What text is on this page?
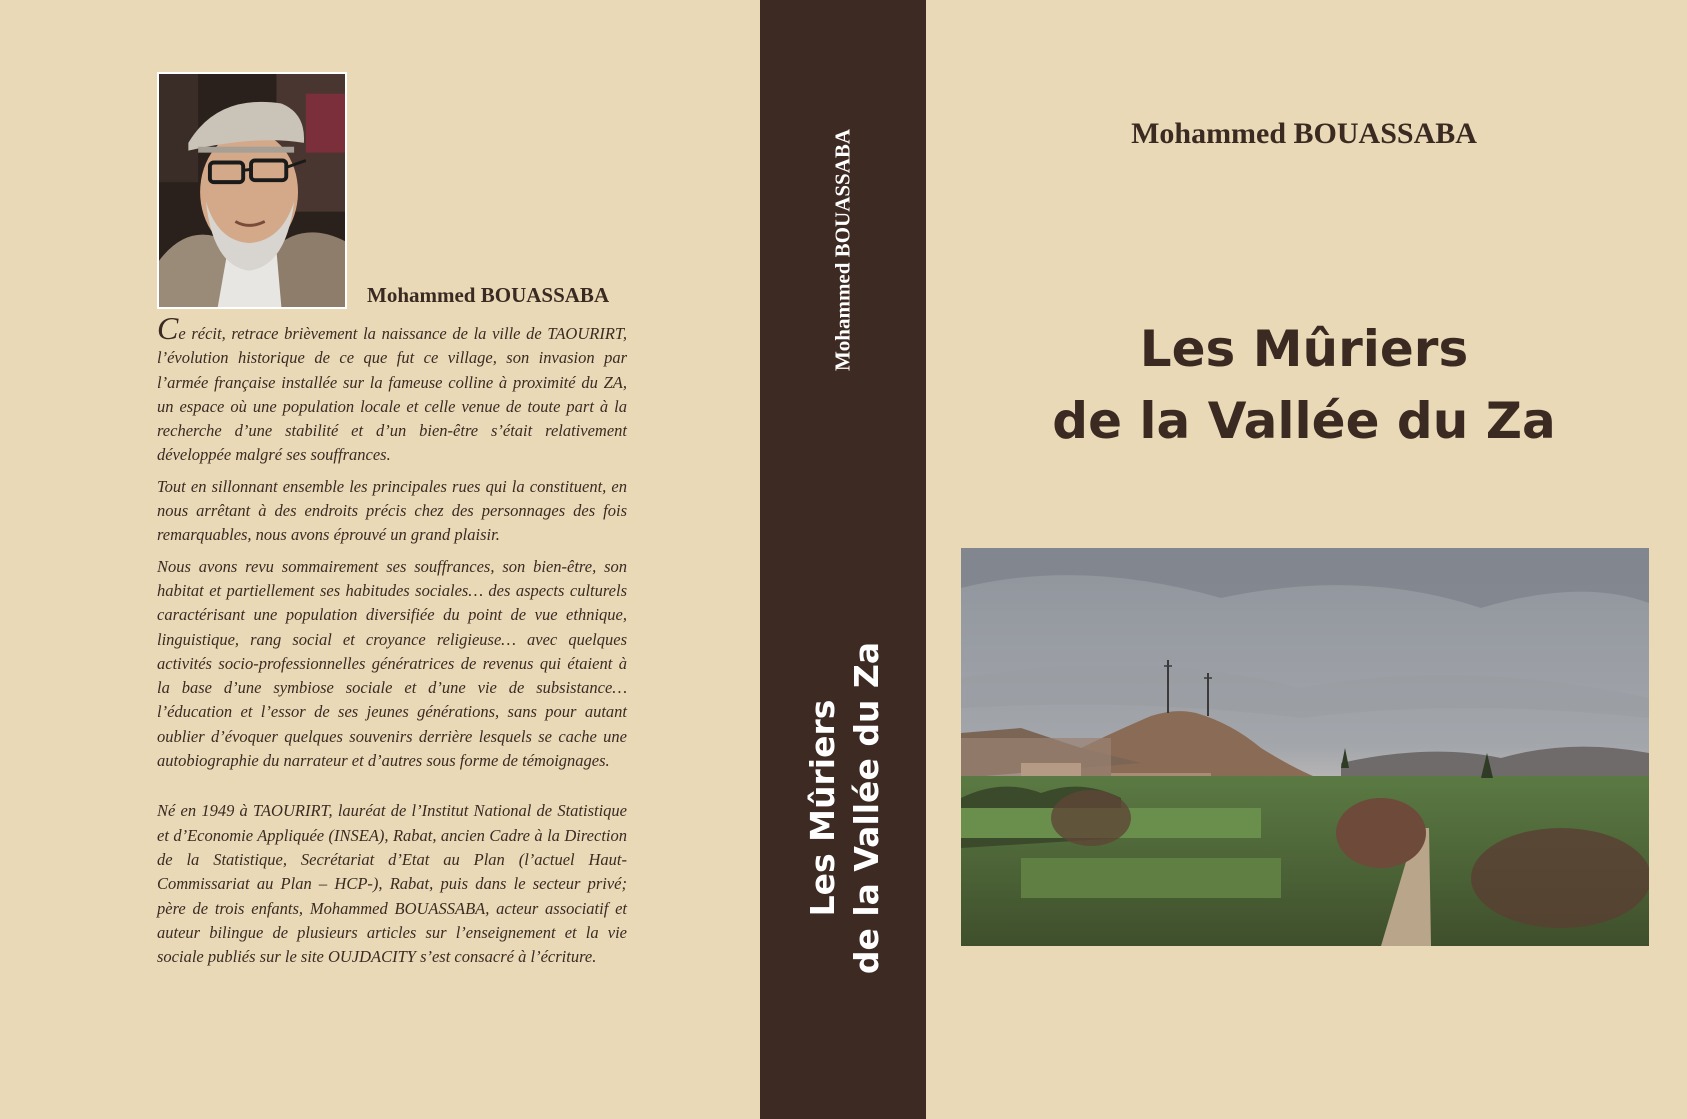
Mohammed BOUASSABA

Ce récit, retrace brièvement la naissance de la ville de TAOURIRT, l’évolution historique de ce que fut ce village, son invasion par l’armée française installée sur la fameuse colline à proximité du ZA, un espace où une population locale et celle venue de toute part à la recherche d’une stabilité et d’un bien-être s’était relativement développée malgré ses souffrances.

Tout en sillonnant ensemble les principales rues qui la constituent, en nous arrêtant à des endroits précis chez des personnages des fois remarquables, nous avons éprouvé un grand plaisir.

Nous avons revu sommairement ses souffrances, son bien-être, son habitat et partiellement ses habitudes sociales… des aspects culturels caractérisant une population diversifiée du point de vue ethnique, linguistique, rang social et croyance religieuse… avec quelques activités socio-professionnelles génératrices de revenus qui étaient à la base d’une symbiose sociale et d’une vie de subsistance… l’éducation et l’essor de ses jeunes générations, sans pour autant oublier d’évoquer quelques souvenirs derrière lesquels se cache une autobiographie du narrateur et d’autres sous forme de témoignages.

Né en 1949 à TAOURIRT, lauréat de l’Institut National de Statistique et d’Economie Appliquée (INSEA), Rabat, ancien Cadre à la Direction de la Statistique, Secrétariat d’Etat au Plan (l’actuel Haut-Commissariat au Plan – HCP-), Rabat, puis dans le secteur privé; père de trois enfants, Mohammed BOUASSABA, acteur associatif et auteur bilingue de plusieurs articles sur l’enseignement et la vie sociale publiés sur le site OUJDACITY s’est consacré à l’écriture.

Mohammed BOUASSABA
Les Mûriers de la Vallée du Za
Mohammed BOUASSABA
Les Mûriers
de la Vallée du Za
